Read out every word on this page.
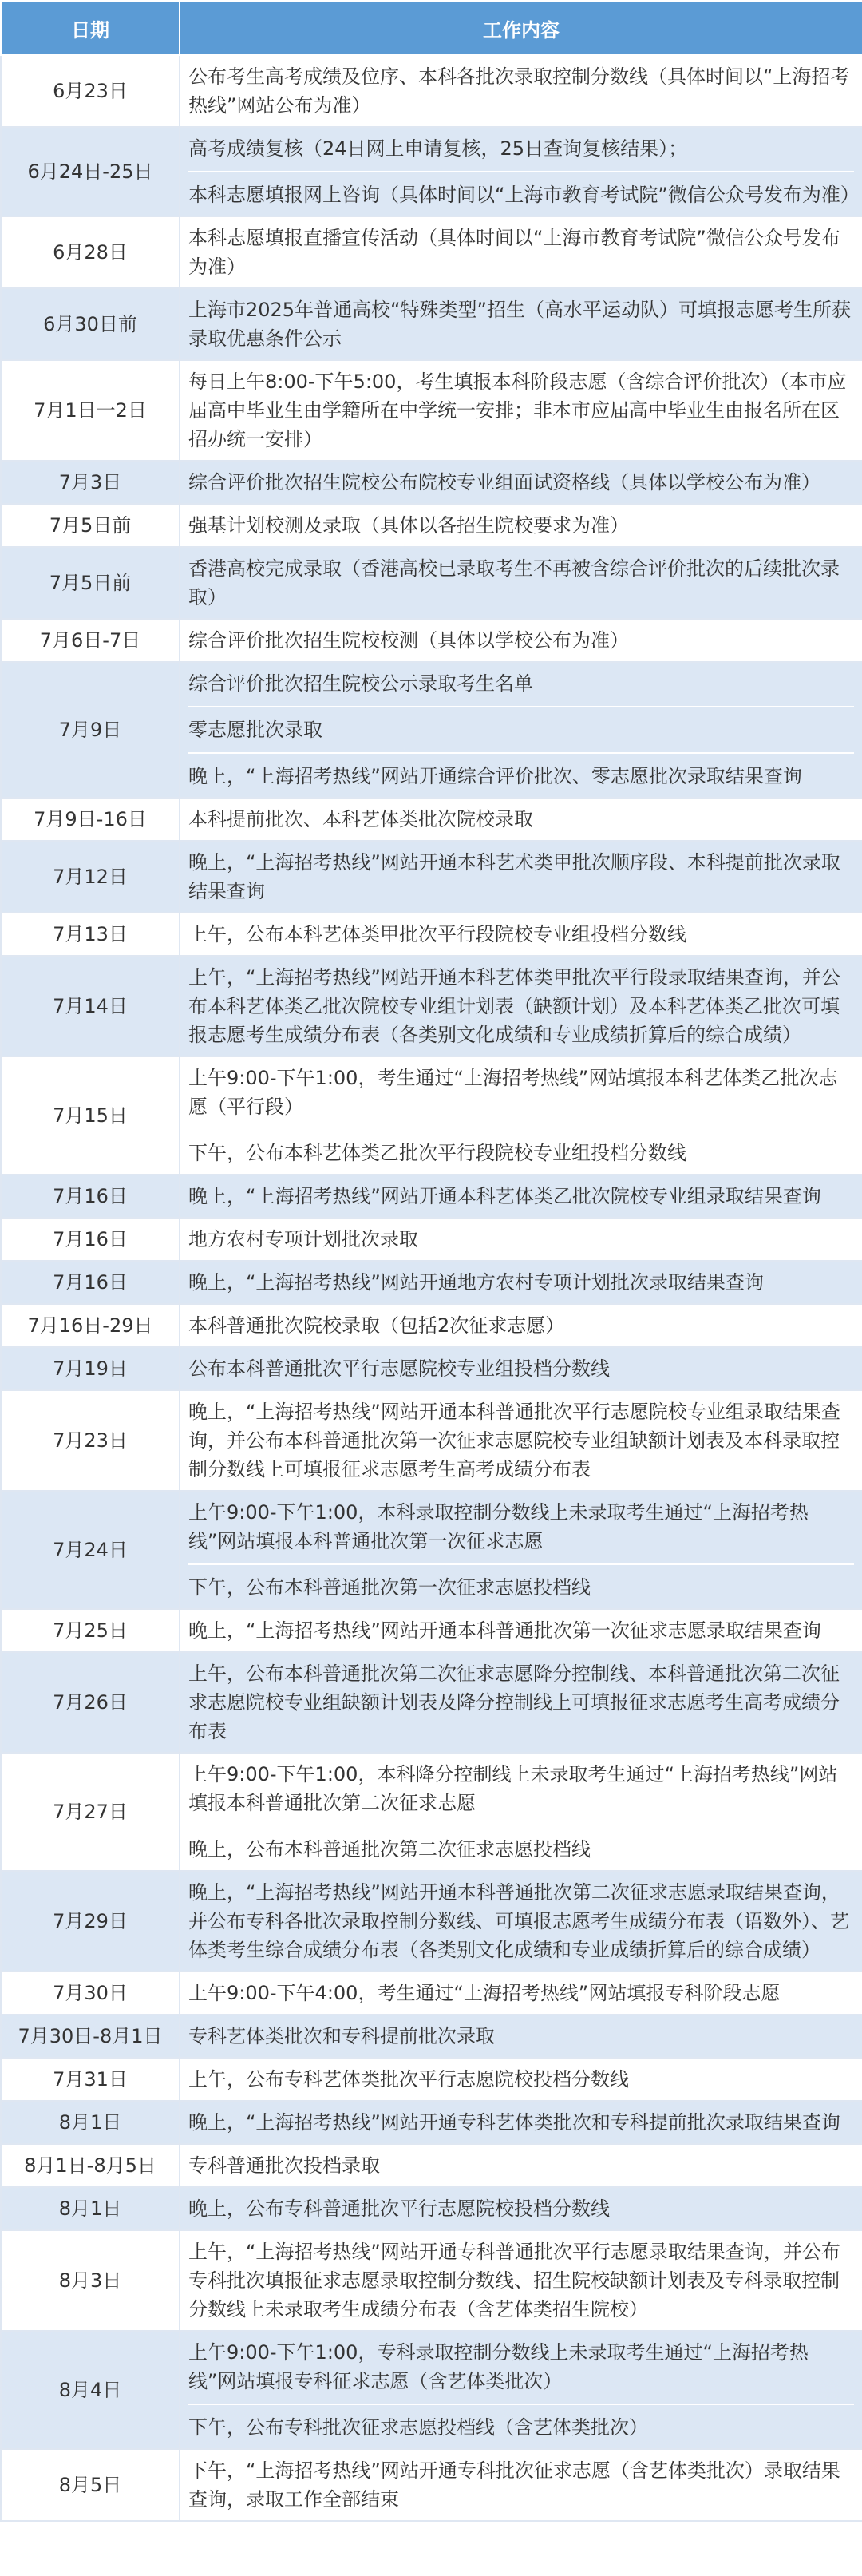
日期	工作内容
6月23日	公布考生高考成绩及位序、本科各批次录取控制分数线（具体时间以“上海招考热线”网站公布为准）

6月24日-25日	高考成绩复核（24日网上申请复核，25日查询复核结果）；
本科志愿填报网上咨询（具体时间以“上海市教育考试院”微信公众号发布为准）

6月28日	本科志愿填报直播宣传活动（具体时间以“上海市教育考试院”微信公众号发布为准）

6月30日前	上海市2025年普通高校“特殊类型”招生（高水平运动队）可填报志愿考生所获录取优惠条件公示

7月1日一2日	每日上午8:00-下午5:00，考生填报本科阶段志愿（含综合评价批次）（本市应届高中毕业生由学籍所在中学统一安排；非本市应届高中毕业生由报名所在区招办统一安排）

7月3日	综合评价批次招生院校公布院校专业组面试资格线（具体以学校公布为准）

7月5日前	强基计划校测及录取（具体以各招生院校要求为准）

7月5日前	香港高校完成录取（香港高校已录取考生不再被含综合评价批次的后续批次录取）

7月6日-7日	综合评价批次招生院校校测（具体以学校公布为准）

7月9日	综合评价批次招生院校公示录取考生名单
零志愿批次录取
晚上，“上海招考热线”网站开通综合评价批次、零志愿批次录取结果查询

7月9日-16日	本科提前批次、本科艺体类批次院校录取

7月12日	晚上，“上海招考热线”网站开通本科艺术类甲批次顺序段、本科提前批次录取结果查询

7月13日	上午，公布本科艺体类甲批次平行段院校专业组投档分数线

7月14日	上午，“上海招考热线”网站开通本科艺体类甲批次平行段录取结果查询，并公布本科艺体类乙批次院校专业组计划表（缺额计划）及本科艺体类乙批次可填报志愿考生成绩分布表（各类别文化成绩和专业成绩折算后的综合成绩）

7月15日	上午9:00-下午1:00，考生通过“上海招考热线”网站填报本科艺体类乙批次志愿（平行段）
下午，公布本科艺体类乙批次平行段院校专业组投档分数线

7月16日	晚上，“上海招考热线”网站开通本科艺体类乙批次院校专业组录取结果查询

7月16日	地方农村专项计划批次录取

7月16日	晚上，“上海招考热线”网站开通地方农村专项计划批次录取结果查询

7月16日-29日	本科普通批次院校录取（包括2次征求志愿）

7月19日	公布本科普通批次平行志愿院校专业组投档分数线

7月23日	晚上，“上海招考热线”网站开通本科普通批次平行志愿院校专业组录取结果查询，并公布本科普通批次第一次征求志愿院校专业组缺额计划表及本科录取控制分数线上可填报征求志愿考生高考成绩分布表

7月24日	上午9:00-下午1:00，本科录取控制分数线上未录取考生通过“上海招考热线”网站填报本科普通批次第一次征求志愿
下午，公布本科普通批次第一次征求志愿投档线

7月25日	晚上，“上海招考热线”网站开通本科普通批次第一次征求志愿录取结果查询

7月26日	上午，公布本科普通批次第二次征求志愿降分控制线、本科普通批次第二次征求志愿院校专业组缺额计划表及降分控制线上可填报征求志愿考生高考成绩分布表

7月27日	上午9:00-下午1:00，本科降分控制线上未录取考生通过“上海招考热线”网站填报本科普通批次第二次征求志愿
晚上，公布本科普通批次第二次征求志愿投档线

7月29日	晚上，“上海招考热线”网站开通本科普通批次第二次征求志愿录取结果查询，并公布专科各批次录取控制分数线、可填报志愿考生成绩分布表（语数外）、艺体类考生综合成绩分布表（各类别文化成绩和专业成绩折算后的综合成绩）

7月30日	上午9:00-下午4:00，考生通过“上海招考热线”网站填报专科阶段志愿

7月30日-8月1日	专科艺体类批次和专科提前批次录取

7月31日	上午，公布专科艺体类批次平行志愿院校投档分数线

8月1日	晚上，“上海招考热线”网站开通专科艺体类批次和专科提前批次录取结果查询

8月1日-8月5日	专科普通批次投档录取

8月1日	晚上，公布专科普通批次平行志愿院校投档分数线

8月3日	上午，“上海招考热线”网站开通专科普通批次平行志愿录取结果查询，并公布专科批次填报征求志愿录取控制分数线、招生院校缺额计划表及专科录取控制分数线上未录取考生成绩分布表（含艺体类招生院校）

8月4日	上午9:00-下午1:00，专科录取控制分数线上未录取考生通过“上海招考热线”网站填报专科征求志愿（含艺体类批次）
下午，公布专科批次征求志愿投档线（含艺体类批次）

8月5日	下午，“上海招考热线”网站开通专科批次征求志愿（含艺体类批次）录取结果查询，录取工作全部结束
